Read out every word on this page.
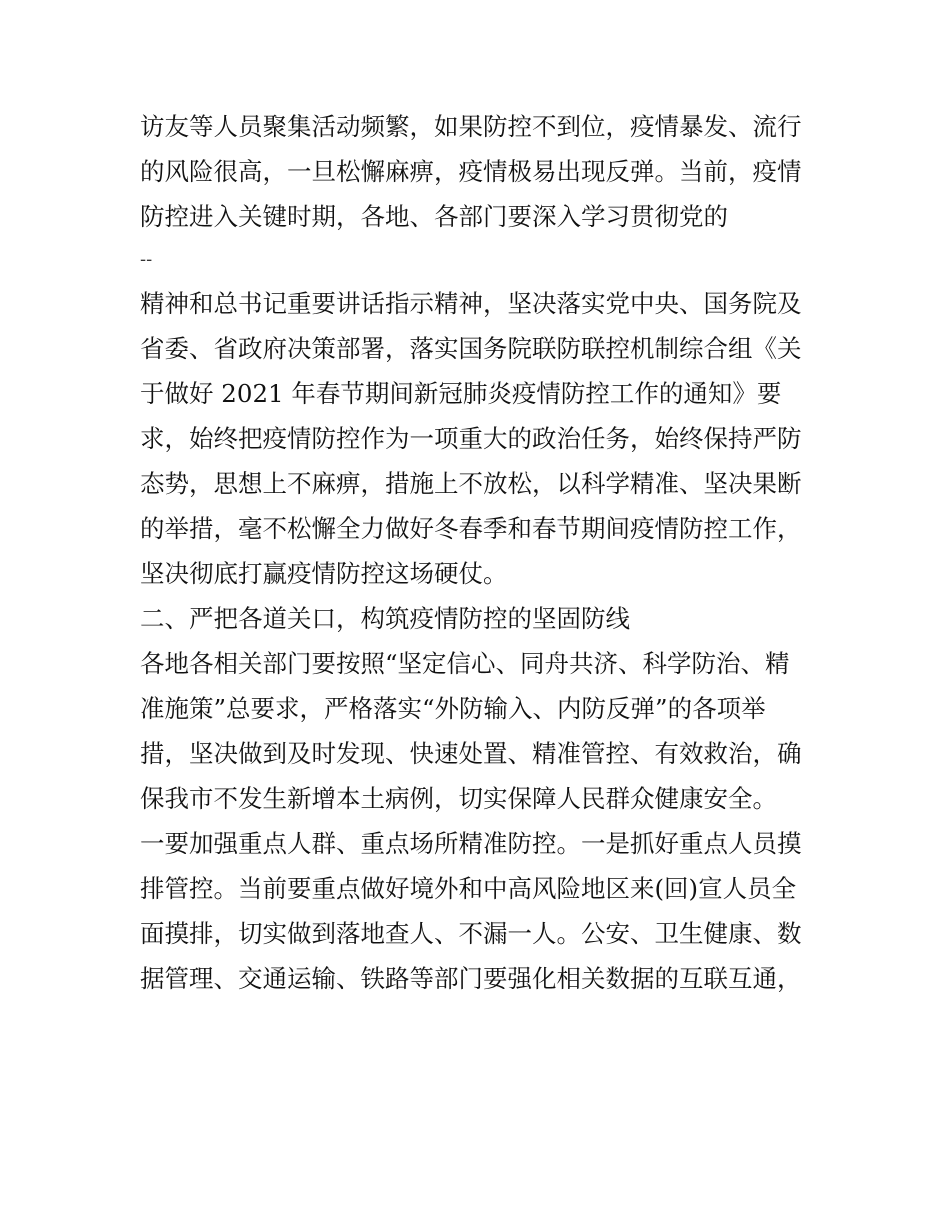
访友等人员聚集活动频繁，如果防控不到位，疫情暴发、流行

的风险很高，一旦松懈麻痹，疫情极易出现反弹。当前，疫情

防控进入关键时期，各地、各部门要深入学习贯彻党的

--

精神和总书记重要讲话指示精神，坚决落实党中央、国务院及

省委、省政府决策部署，落实国务院联防联控机制综合组《关

于做好 2021 年春节期间新冠肺炎疫情防控工作的通知》要

求，始终把疫情防控作为一项重大的政治任务，始终保持严防

态势，思想上不麻痹，措施上不放松，以科学精准、坚决果断

的举措，毫不松懈全力做好冬春季和春节期间疫情防控工作，

坚决彻底打赢疫情防控这场硬仗。

二、严把各道关口，构筑疫情防控的坚固防线

各地各相关部门要按照“坚定信心、同舟共济、科学防治、精

准施策”总要求，严格落实“外防输入、内防反弹”的各项举

措，坚决做到及时发现、快速处置、精准管控、有效救治，确

保我市不发生新增本土病例，切实保障人民群众健康安全。

一要加强重点人群、重点场所精准防控。一是抓好重点人员摸

排管控。当前要重点做好境外和中高风险地区来(回)宣人员全

面摸排，切实做到落地查人、不漏一人。公安、卫生健康、数

据管理、交通运输、铁路等部门要强化相关数据的互联互通，
